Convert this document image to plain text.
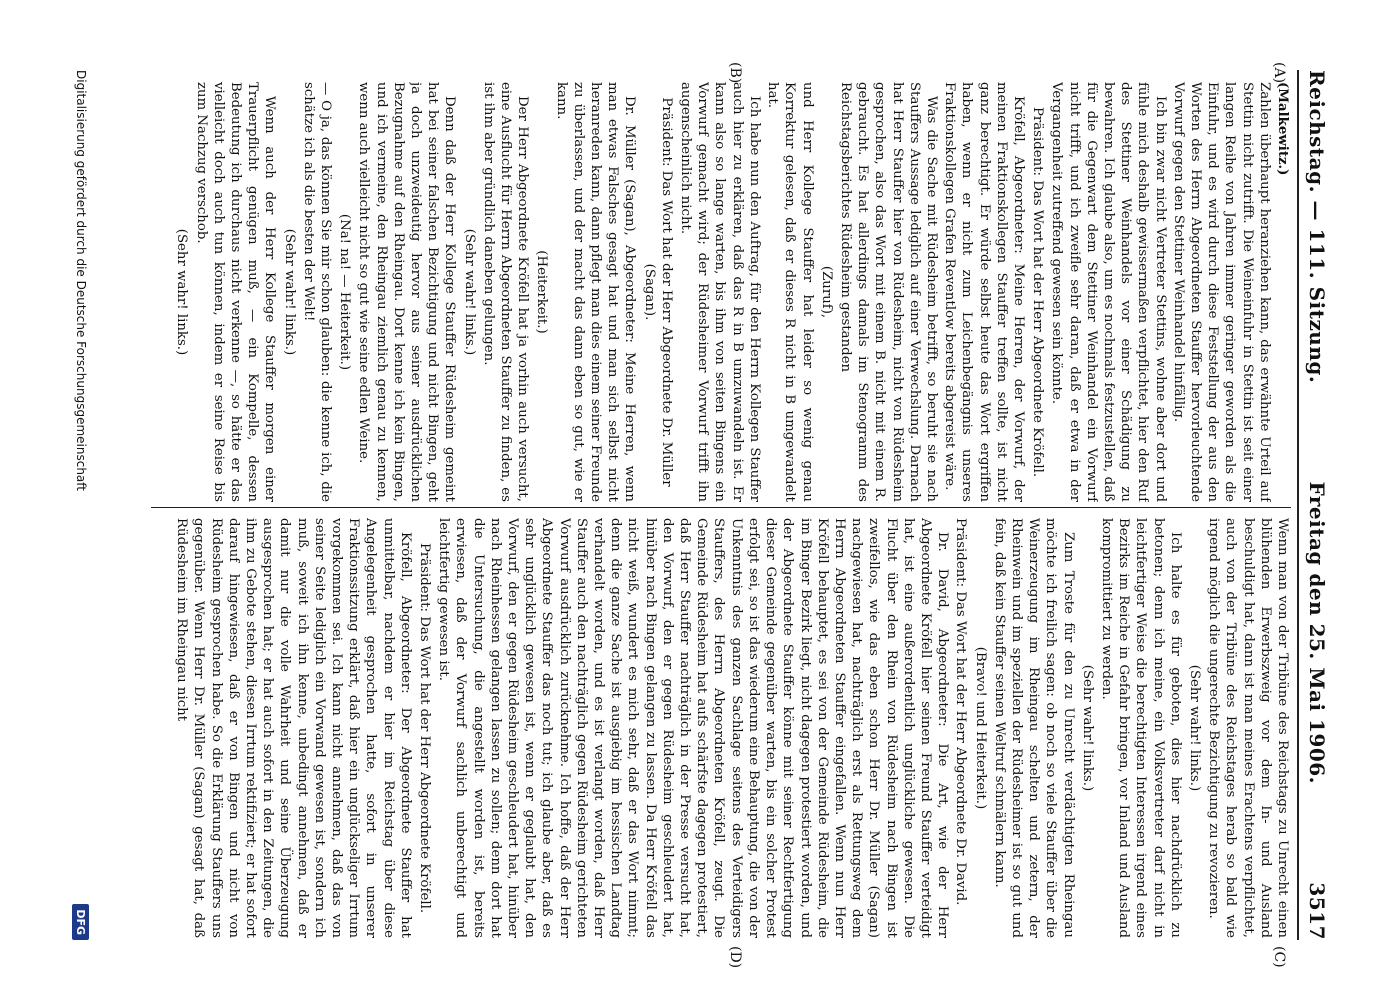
Reichstag. — 111. Sitzung.
Freitag den 25. Mai 1906.
3517
(A)
(B)
(C)
(D)

(Malkewitz.)

Zahlen überhaupt heranziehen kann, das erwähnte Urteil auf Stettin nicht zutrifft. Die Weineinfuhr in Stettin ist seit einer langen Reihe von Jahren immer geringer geworden als die Einfuhr, und es wird durch diese Feststellung der aus den Worten des Herrn Abgeordneten Stauffer hervorleuchtende Vorwurf gegen den Stettiner Weinhandel hinfällig.

Ich bin zwar nicht Vertreter Stettins, wohne aber dort und fühle mich deshalb gewissermaßen verpflichtet, hier den Ruf des Stettiner Weinhandels vor einer Schädigung zu bewahren. Ich glaube also, um es nochmals festzustellen, daß für die Gegenwart dem Stettiner Weinhandel ein Vorwurf nicht trifft, und ich zweifle sehr daran, daß er etwa in der Vergangenheit zutreffend gewesen sein könnte.

Präsident: Das Wort hat der Herr Abgeordnete Kröfell.

Kröfell, Abgeordneter: Meine Herren, der Vorwurf, der meinen Fraktionskollegen Stauffer treffen sollte, ist nicht ganz berechtigt. Er würde selbst heute das Wort ergriffen haben, wenn er nicht zum Leichenbegängnis unseres Fraktionskollegen Grafen Reventlow bereits abgereist wäre.

Was die Sache mit Rüdesheim betrifft, so beruht sie nach Stauffers Aussage lediglich auf einer Verwechslung. Darnach hat Herr Stauffer hier von Rüdesheim, nicht von Rüdesheim gesprochen, also das Wort mit einem B. nicht mit einem R. gebraucht. Es hat allerdings damals im Stenogramm des Reichstagsberichtes Rüdesheim gestanden

(Zuruf),

und Herr Kollege Stauffer hat leider so wenig genau Korrektur gelesen, daß er dieses R nicht in B umgewandelt hat.

Ich habe nun den Auftrag, für den Herrn Kollegen Stauffer auch hier zu erklären, daß das R in B umzuwandeln ist. Er kann also so lange warten, bis ihm von seiten Bingens ein Vorwurf gemacht wird; der Rüdesheimer Vorwurf trifft ihn augenscheinlich nicht.

Präsident: Das Wort hat der Herr Abgeordnete Dr. Müller (Sagan).

Dr. Müller (Sagan), Abgeordneter: Meine Herren, wenn man etwas Falsches gesagt hat und man sich selbst nicht heranreden kann, dann pflegt man dies einem seiner Freunde zu überlassen, und der macht das dann eben so gut, wie er kann.

(Heiterkeit.)

Der Herr Abgeordnete Kröfell hat ja vorhin auch versucht, eine Ausflucht für Herrn Abgeordneten Stauffer zu finden, es ist ihm aber gründlich daneben gelungen.

(Sehr wahr! links.)

Denn daß der Herr Kollege Stauffer Rüdesheim gemeint hat bei seiner falschen Bezichtigung und nicht Bingen, geht ja doch unzweideutig hervor aus seiner ausdrücklichen Bezugnahme auf den Rheingau. Dort kenne ich kein Bingen, und ich vermeine, den Rheingau ziemlich genau zu kennen, wenn auch vielleicht nicht so gut wie seine edlen Weine.

(Na! na! — Heiterkeit.)

— O ja, das können Sie mir schon glauben: die kenne ich, die schätze ich als die besten der Welt!

(Sehr wahr! links.)

Wenn auch der Herr Kollege Stauffer morgen einer Trauerpflicht genügen muß, — ein Kompelle, dessen Bedeutung ich durchaus nicht verkenne —, so hätte er das vielleicht doch auch tun können, indem er seine Reise bis zum Nachzug verschob.

(Sehr wahr! links.)

Wenn man von der Tribüne des Reichstags zu Unrecht einen blühenden Erwerbszweig vor dem In- und Ausland beschuldigt hat, dann ist man meines Erachtens verpflichtet, auch von der Tribüne des Reichstages herab so bald wie irgend möglich die ungerechte Bezichtigung zu revozieren.

(Sehr wahr! links.)

Ich halte es für geboten, dies hier nachdrücklich zu betonen; denn ich meine, ein Volksvertreter darf nicht in leichtfertiger Weise die berechtigten Interessen irgend eines Bezirks im Reiche in Gefahr bringen, vor Inland und Ausland kompromittiert zu werden.

(Sehr wahr! links.)

Zum Troste für den zu Unrecht verdächtigten Rheingau möchte ich freilich sagen: ob noch so viele Stauffer über die Weinerzeugung im Rheingau schelten und zetern, der Rheinwein und im speziellen der Rüdesheimer ist so gut und fein, daß kein Stauffer seinen Weltruf schmälern kann.

(Bravo! und Heiterkeit.)

Präsident: Das Wort hat der Herr Abgeordnete Dr. David.

Dr. David, Abgeordneter: Die Art, wie der Herr Abgeordnete Kröfell hier seinen Freund Stauffer verteidigt hat, ist eine außerordentlich unglückliche gewesen. Die Flucht über den Rhein von Rüdesheim nach Bingen ist zweifellos, wie das eben schon Herr Dr. Müller (Sagan) nachgewiesen hat, nachträglich erst als Rettungsweg dem Herrn Abgeordneten Stauffer eingefallen. Wenn nun Herr Kröfell behauptet, es sei von der Gemeinde Rüdesheim, die im Binger Bezirk liegt, nicht dagegen protestiert worden, und der Abgeordnete Stauffer könne mit seiner Rechtfertigung dieser Gemeinde gegenüber warten, bis ein solcher Protest erfolgt sei, so ist das wiederum eine Behauptung, die von der Unkenntnis des ganzen Sachlage seitens des Verteidigers Stauffers, des Herrn Abgeordneten Kröfell, zeugt. Die Gemeinde Rüdesheim hat aufs schärfste dagegen protestiert, daß Herr Stauffer nachträglich in der Presse versucht hat, den Vorwurf, den er gegen Rüdesheim geschleudert hat, hinüber nach Bingen gelangen zu lassen. Da Herr Kröfell das nicht weiß, wundert es mich sehr, daß er das Wort nimmt; denn die ganze Sache ist ausgiebig im hessischen Landtag verhandelt worden, und es ist verlangt worden, daß Herr Stauffer auch den nachträglich gegen Rüdesheim gerichteten Vorwurf ausdrücklich zurücknehme. Ich hoffe, daß der Herr Abgeordnete Stauffer das noch tut; ich glaube aber, daß es sehr unglücklich gewesen ist, wenn er geglaubt hat, den Vorwurf, den er gegen Rüdesheim geschleudert hat, hinüber nach Rheinhessen gelangen lassen zu sollen; denn dort hat die Untersuchung, die angestellt worden ist, bereits erwiesen, daß der Vorwurf sachlich unberechtigt und leichtfertig gewesen ist.

Präsident: Das Wort hat der Herr Abgeordnete Kröfell.

Kröfell, Abgeordneter: Der Abgeordnete Stauffer hat unmittelbar, nachdem er hier im Reichstag über diese Angelegenheit gesprochen hatte, sofort in unserer Fraktionssitzung erklärt, daß hier ein unglückseliger Irrtum vorgekommen sei. Ich kann nicht annehmen, daß das von seiner Seite lediglich ein Vorwand gewesen ist, sondern ich muß, soweit ich ihn kenne, unbedingt annehmen, daß er damit nur die volle Wahrheit und seine Überzeugung ausgesprochen hat; er hat auch sofort in den Zeitungen, die ihm zu Gebote stehen, diesen Irrtum rektifiziert; er hat sofort darauf hingewiesen, daß er von Bingen und nicht von Rüdesheim gesprochen habe. So die Erklärung Stauffers uns gegenüber. Wenn Herr Dr. Müller (Sagan) gesagt hat, daß Rüdesheim im Rheingau nicht

Digitalisierung gefördert durch die Deutsche Forschungsgemeinschaft
DFG
